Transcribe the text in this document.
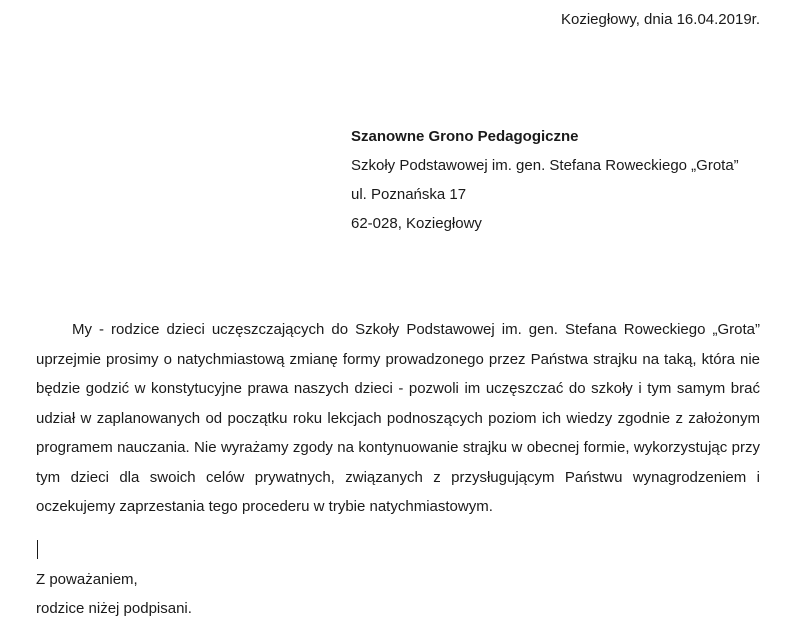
Koziegłowy, dnia 16.04.2019r.
Szanowne Grono Pedagogiczne
Szkoły Podstawowej im. gen. Stefana Roweckiego „Grota”
ul. Poznańska 17
62-028, Koziegłowy

My - rodzice dzieci uczęszczających do Szkoły Podstawowej im. gen. Stefana Roweckiego „Grota” uprzejmie prosimy o natychmiastową zmianę formy prowadzonego przez Państwa strajku na taką, która nie będzie godzić w konstytucyjne prawa naszych dzieci - pozwoli im uczęszczać do szkoły i tym samym brać udział w zaplanowanych od początku roku lekcjach podnoszących poziom ich wiedzy zgodnie z założonym programem nauczania. Nie wyrażamy zgody na kontynuowanie strajku w obecnej formie, wykorzystując przy tym dzieci dla swoich celów prywatnych, związanych z przysługującym Państwu wynagrodzeniem i oczekujemy zaprzestania tego procederu w trybie natychmiastowym.

Z poważaniem,
rodzice niżej podpisani.
